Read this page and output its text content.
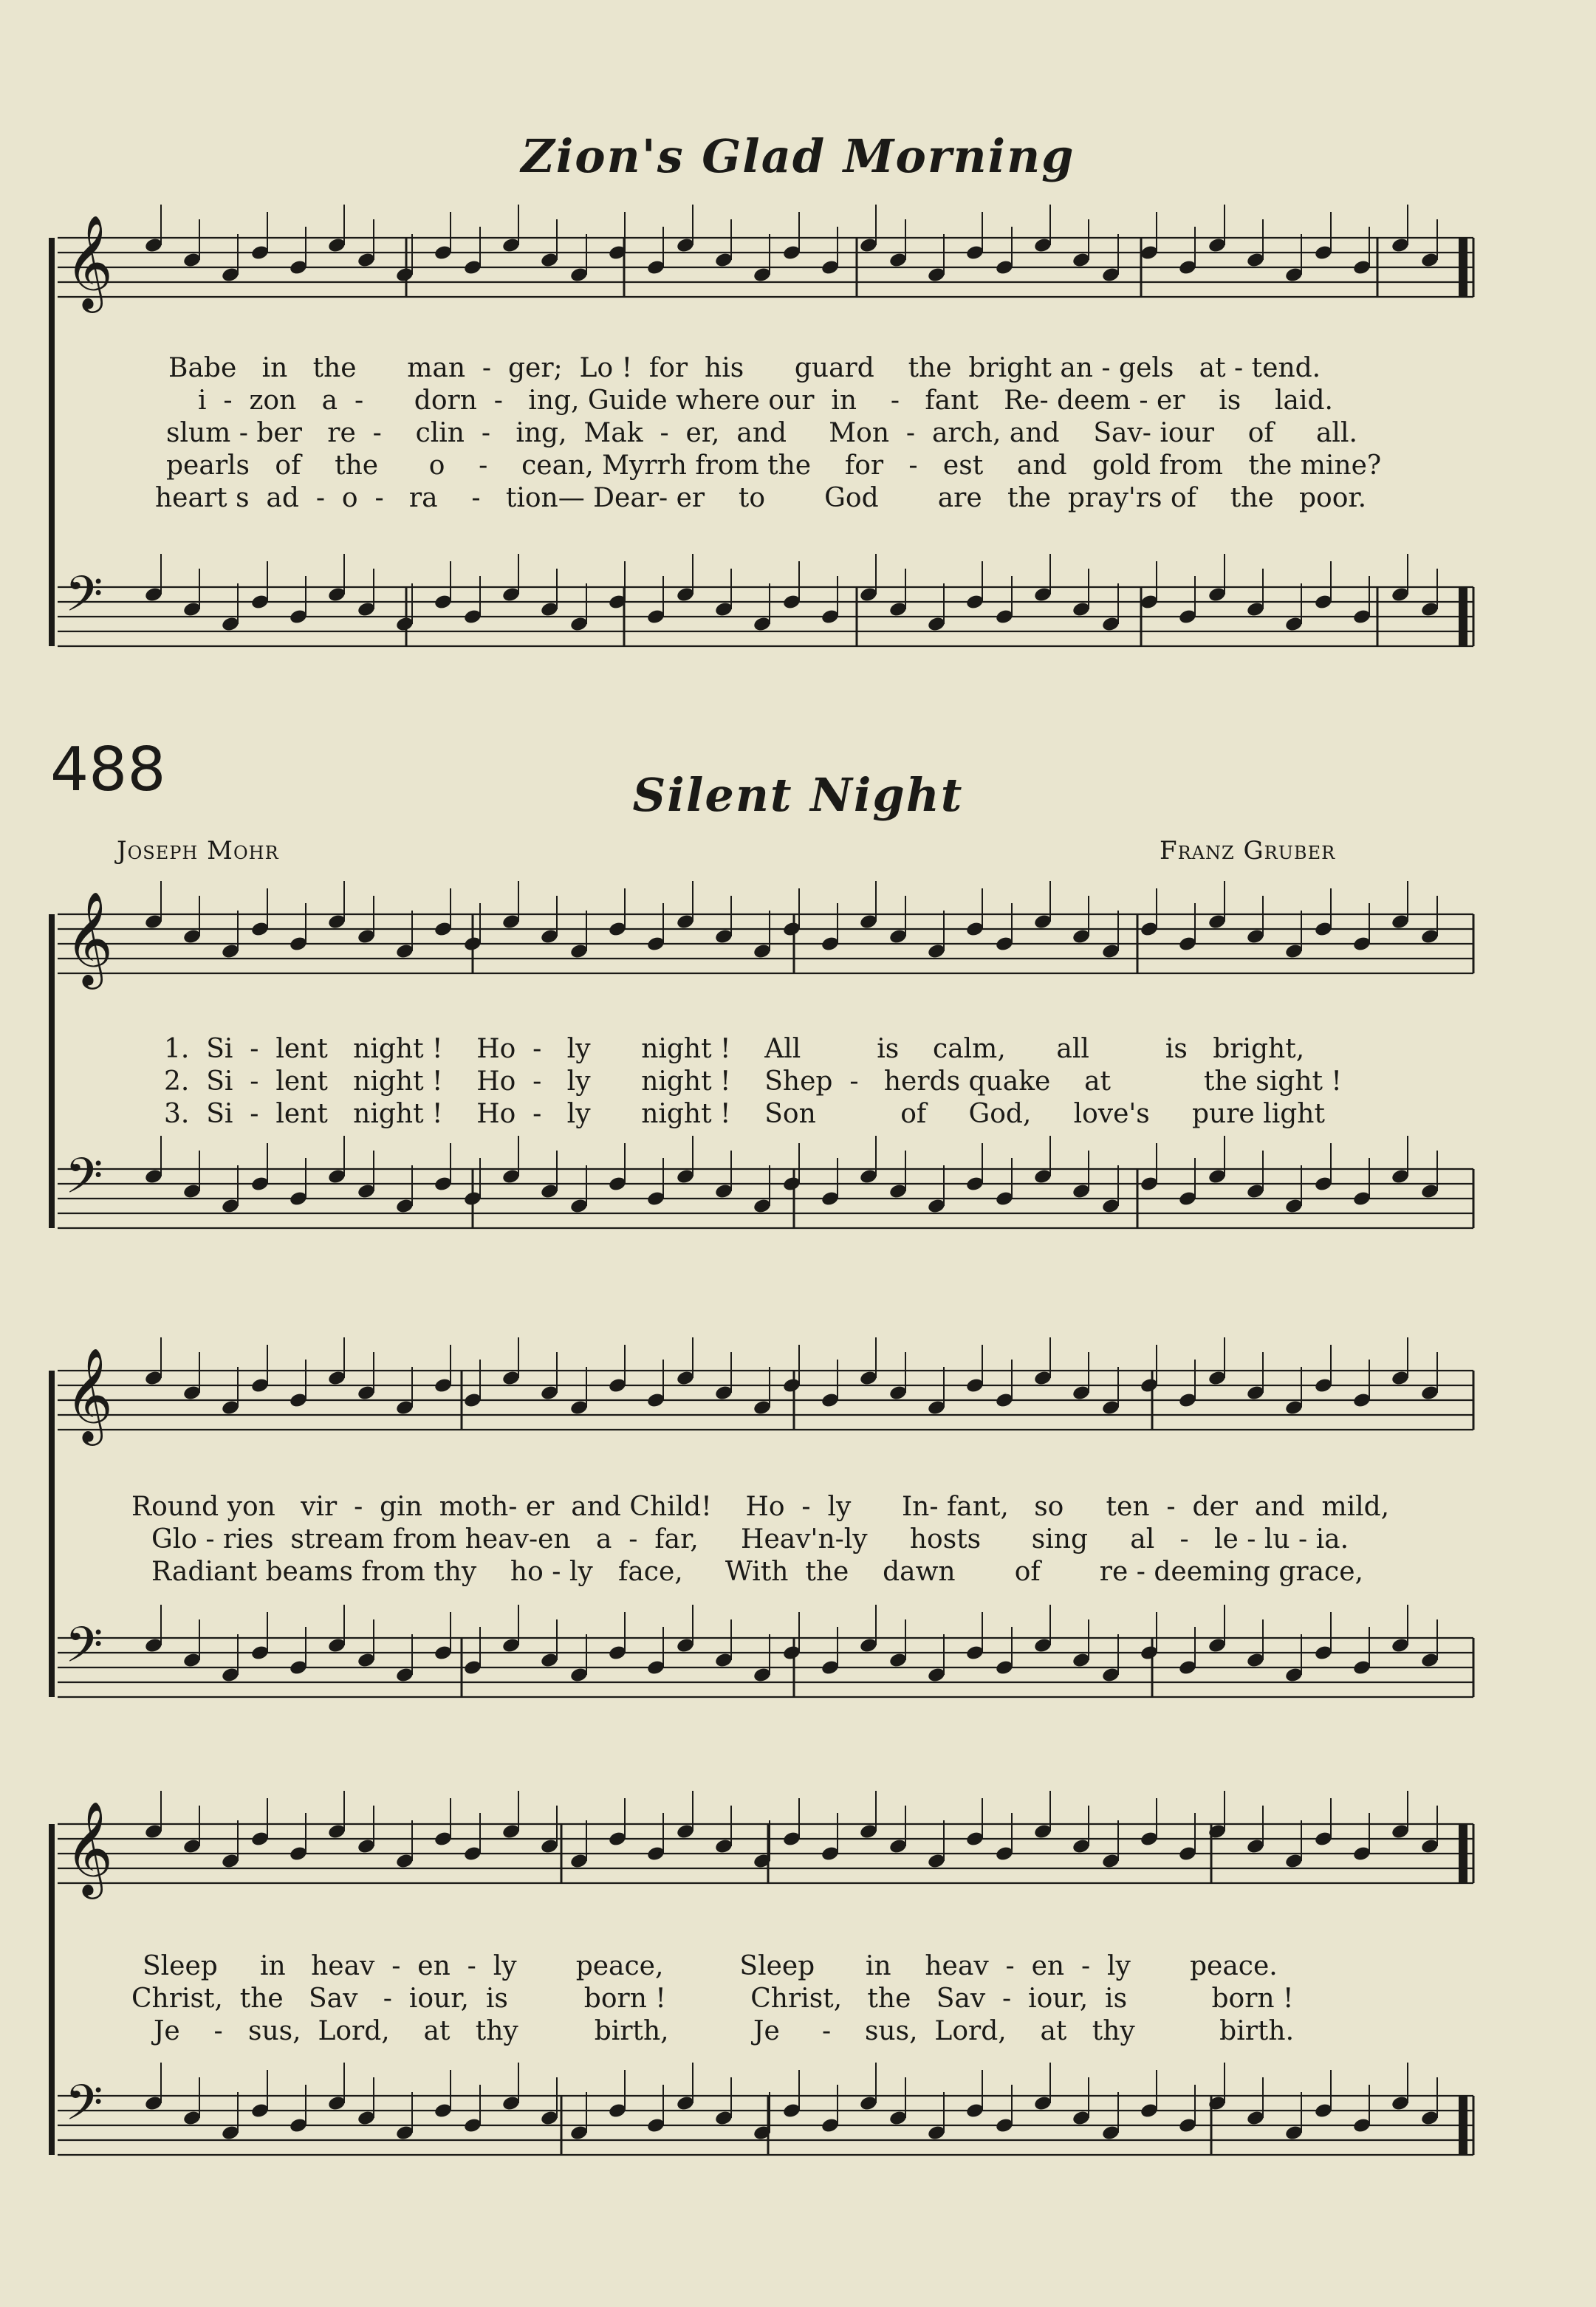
𝄞
𝄢
𝄞
𝄢
𝄞
𝄢
𝄞
𝄢
Zion's Glad Morning
Babe   in   the      man  -  ger;  Lo !  for  his      guard    the  bright an - gels   at - tend.
i  -  zon   a  -      dorn  -   ing, Guide where our  in    -   fant   Re- deem - er    is    laid.
slum - ber   re  -    clin  -   ing,  Mak  -  er,  and     Mon  -  arch, and    Sav- iour    of     all.
pearls   of    the      o    -    cean, Myrrh from the    for   -   est    and   gold from   the mine?
heart s  ad  -  o  -   ra    -   tion— Dear- er    to       God       are   the  pray'rs of    the   poor.
488	Silent Night
Joseph Mohr	Franz Gruber
1.  Si  -  lent   night !    Ho  -   ly      night !    All         is    calm,      all         is   bright,
2.  Si  -  lent   night !    Ho  -   ly      night !    Shep  -   herds quake    at           the sight !
3.  Si  -  lent   night !    Ho  -   ly      night !    Son          of     God,     love's     pure light
Round yon   vir  -  gin  moth- er  and Child!    Ho  -  ly      In- fant,   so     ten  -  der  and  mild,
Glo - ries  stream from heav-en   a  -  far,     Heav'n-ly     hosts      sing     al   -   le - lu - ia.
Radiant beams from thy    ho - ly   face,     With  the    dawn       of       re - deeming grace,
Sleep     in   heav  -  en  -  ly       peace,         Sleep      in    heav  -  en  -  ly       peace.
Christ,  the   Sav   -  iour,  is         born !          Christ,   the   Sav  -  iour,  is          born !
Je    -   sus,  Lord,    at   thy         birth,          Je     -    sus,  Lord,    at   thy          birth.
